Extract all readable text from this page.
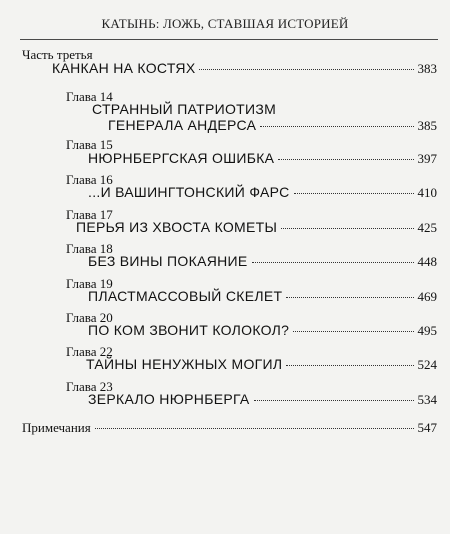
КАТЫНЬ: ЛОЖЬ, СТАВШАЯ ИСТОРИЕЙ
Часть третья
КАНКАН НА КОСТЯХ	383
Глава 14
СТРАННЫЙ ПАТРИОТИЗМ
ГЕНЕРАЛА АНДЕРСА	385
Глава 15
НЮРНБЕРГСКАЯ ОШИБКА	397
Глава 16
...И ВАШИНГТОНСКИЙ ФАРС	410
Глава 17
ПЕРЬЯ ИЗ ХВОСТА КОМЕТЫ	425
Глава 18
БЕЗ ВИНЫ ПОКАЯНИЕ	448
Глава 19
ПЛАСТМАССОВЫЙ СКЕЛЕТ	469
Глава 20
ПО КОМ ЗВОНИТ КОЛОКОЛ?	495
Глава 22
ТАЙНЫ НЕНУЖНЫХ МОГИЛ	524
Глава 23
ЗЕРКАЛО НЮРНБЕРГА	534
Примечания	547
